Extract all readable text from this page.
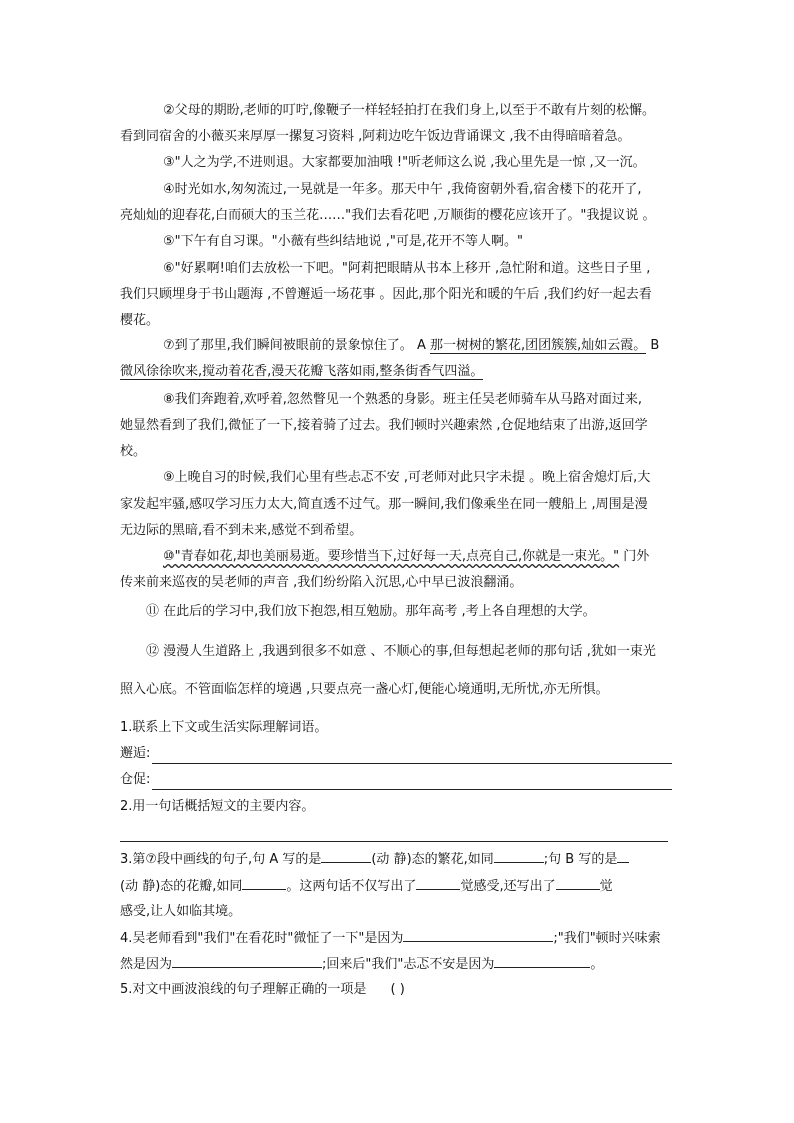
②父母的期盼,老师的叮咛,像鞭子一样轻轻拍打在我们身上,以至于不敢有片刻的松懈。
看到同宿舍的小薇买来厚厚一摞复习资料 ,阿莉边吃午饭边背诵课文 ,我不由得暗暗着急。
③"人之为学,不进则退。大家都要加油哦 !"听老师这么说 ,我心里先是一惊 ,又一沉。
④时光如水,匆匆流过,一晃就是一年多。那天中午 ,我倚窗朝外看,宿舍楼下的花开了,
亮灿灿的迎春花,白而硕大的玉兰花……"我们去看花吧 ,万顺街的樱花应该开了。"我提议说 。
⑤"下午有自习课。"小薇有些纠结地说 ,"可是,花开不等人啊。"
⑥"好累啊!咱们去放松一下吧。"阿莉把眼睛从书本上移开 ,急忙附和道。这些日子里 ,
我们只顾埋身于书山题海 ,不曾邂逅一场花事 。因此,那个阳光和暖的午后 ,我们约好一起去看
樱花。
⑦到了那里,我们瞬间被眼前的景象惊住了。 A 那一树树的繁花,团团簇簇,灿如云霞。 B
微风徐徐吹来,搅动着花香,漫天花瓣飞落如雨,整条街香气四溢。
⑧我们奔跑着,欢呼着,忽然瞥见一个熟悉的身影。班主任吴老师骑车从马路对面过来,
她显然看到了我们,微怔了一下,接着骑了过去。我们顿时兴趣索然 ,仓促地结束了出游,返回学
校。
⑨上晚自习的时候,我们心里有些忐忑不安 ,可老师对此只字未提 。晚上宿舍熄灯后,大
家发起牢骚,感叹学习压力太大,简直透不过气。那一瞬间,我们像乘坐在同一艘船上 ,周围是漫
无边际的黑暗,看不到未来,感觉不到希望。
⑩"青春如花,却也美丽易逝。要珍惜当下,过好每一天,点亮自己,你就是一束光。" 门外
传来前来巡夜的吴老师的声音 ,我们纷纷陷入沉思,心中早已波浪翻涌。
⑪ 在此后的学习中,我们放下抱怨,相互勉励。那年高考 ,考上各自理想的大学。
⑫ 漫漫人生道路上 ,我遇到很多不如意 、不顺心的事,但每想起老师的那句话 ,犹如一束光
照入心底。不管面临怎样的境遇 ,只要点亮一盏心灯,便能心境通明,无所忧,亦无所惧。
1.联系上下文或生活实际理解词语。
邂逅:
仓促:
2.用一句话概括短文的主要内容。
3.第⑦段中画线的句子,句 A 写的是	(动 静)态的繁花,如同	;句 B 写的是
(动 静)态的花瓣,如同	。这两句话不仅写出了	觉感受,还写出了	觉
感受,让人如临其境。
4.吴老师看到"我们"在看花时"微怔了一下"是因为	;"我们"顿时兴味索
然是因为	;回来后"我们"忐忑不安是因为	。
5.对文中画波浪线的句子理解正确的一项是 ( )
